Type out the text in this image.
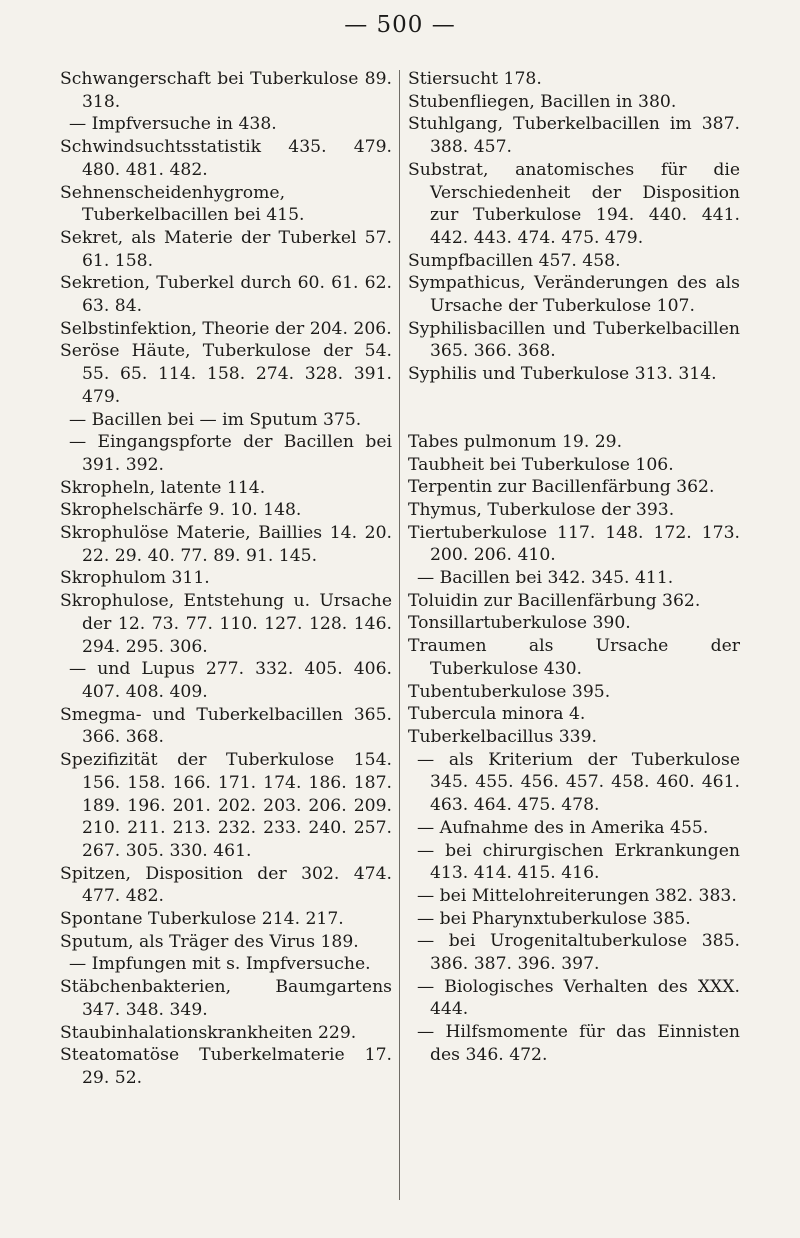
— 500 —

Schwangerschaft bei Tuberkulose 89. 318.

— Impfversuche in 438.

Schwindsuchtsstatistik 435. 479. 480. 481. 482.

Sehnenscheidenhygrome, Tuberkelbacillen bei 415.

Sekret, als Materie der Tuberkel 57. 61. 158.

Sekretion, Tuberkel durch 60. 61. 62. 63. 84.

Selbstinfektion, Theorie der 204. 206.

Seröse Häute, Tuberkulose der 54. 55. 65. 114. 158. 274. 328. 391. 479.

— Bacillen bei — im Sputum 375.

— Eingangspforte der Bacillen bei 391. 392.

Skropheln, latente 114.

Skrophelschärfe 9. 10. 148.

Skrophulöse Materie, Baillies 14. 20. 22. 29. 40. 77. 89. 91. 145.

Skrophulom 311.

Skrophulose, Entstehung u. Ursache der 12. 73. 77. 110. 127. 128. 146. 294. 295. 306.

— und Lupus 277. 332. 405. 406. 407. 408. 409.

Smegma- und Tuberkelbacillen 365. 366. 368.

Spezifizität der Tuberkulose 154. 156. 158. 166. 171. 174. 186. 187. 189. 196. 201. 202. 203. 206. 209. 210. 211. 213. 232. 233. 240. 257. 267. 305. 330. 461.

Spitzen, Disposition der 302. 474. 477. 482.

Spontane Tuberkulose 214. 217.

Sputum, als Träger des Virus 189.

— Impfungen mit s. Impfversuche.

Stäbchenbakterien, Baumgartens 347. 348. 349.

Staubinhalationskrankheiten 229.

Steatomatöse Tuberkelmaterie 17. 29. 52.

Stiersucht 178.

Stubenfliegen, Bacillen in 380.

Stuhlgang, Tuberkelbacillen im 387. 388. 457.

Substrat, anatomisches für die Verschiedenheit der Disposition zur Tuberkulose 194. 440. 441. 442. 443. 474. 475. 479.

Sumpfbacillen 457. 458.

Sympathicus, Veränderungen des als Ursache der Tuberkulose 107.

Syphilisbacillen und Tuberkelbacillen 365. 366. 368.

Syphilis und Tuberkulose 313. 314.

Tabes pulmonum 19. 29.

Taubheit bei Tuberkulose 106.

Terpentin zur Bacillenfärbung 362.

Thymus, Tuberkulose der 393.

Tiertuberkulose 117. 148. 172. 173. 200. 206. 410.

— Bacillen bei 342. 345. 411.

Toluidin zur Bacillenfärbung 362.

Tonsillartuberkulose 390.

Traumen als Ursache der Tuberkulose 430.

Tubentuberkulose 395.

Tubercula minora 4.

Tuberkelbacillus 339.

— als Kriterium der Tuberkulose 345. 455. 456. 457. 458. 460. 461. 463. 464. 475. 478.

— Aufnahme des in Amerika 455.

— bei chirurgischen Erkrankungen 413. 414. 415. 416.

— bei Mittelohreiterungen 382. 383.

— bei Pharynxtuberkulose 385.

— bei Urogenitaltuberkulose 385. 386. 387. 396. 397.

— Biologisches Verhalten des XXX. 444.

— Hilfsmomente für das Einnisten des 346. 472.
